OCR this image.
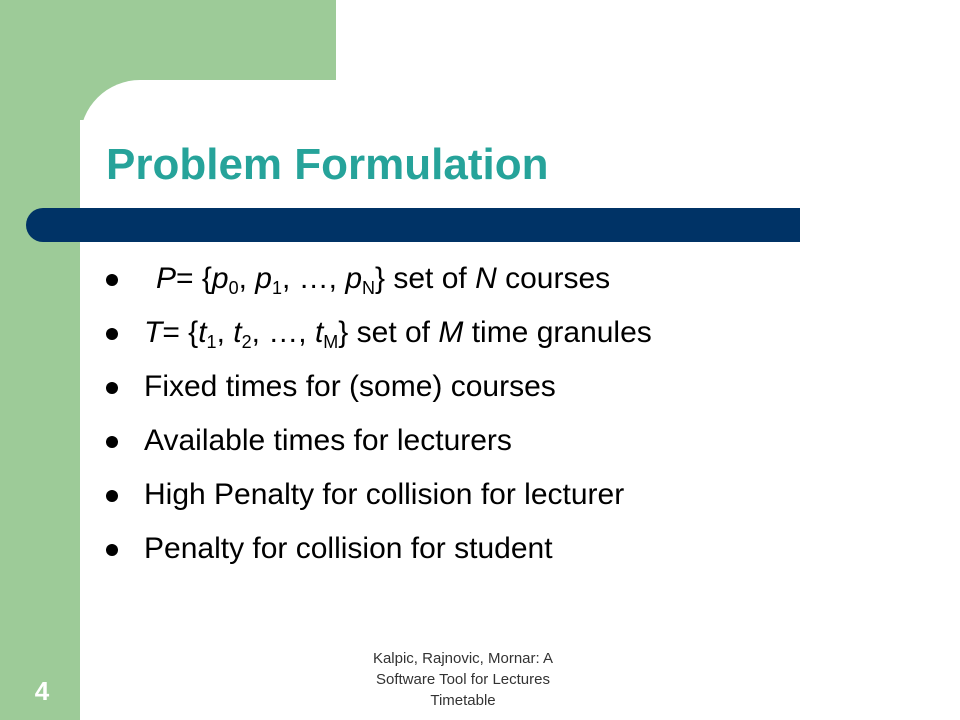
Problem Formulation
$P= \{p_0$, $p_1$, …, $p_N$} set of N courses
$T= \{t_1$, $t_2$, …, $t_M$} set of M time granules
Fixed times for (some) courses
Available times for lecturers
High Penalty for collision for lecturer
Penalty for collision for student
Kalpic, Rajnovic, Mornar: A
Software Tool for Lectures
Timetable
4
